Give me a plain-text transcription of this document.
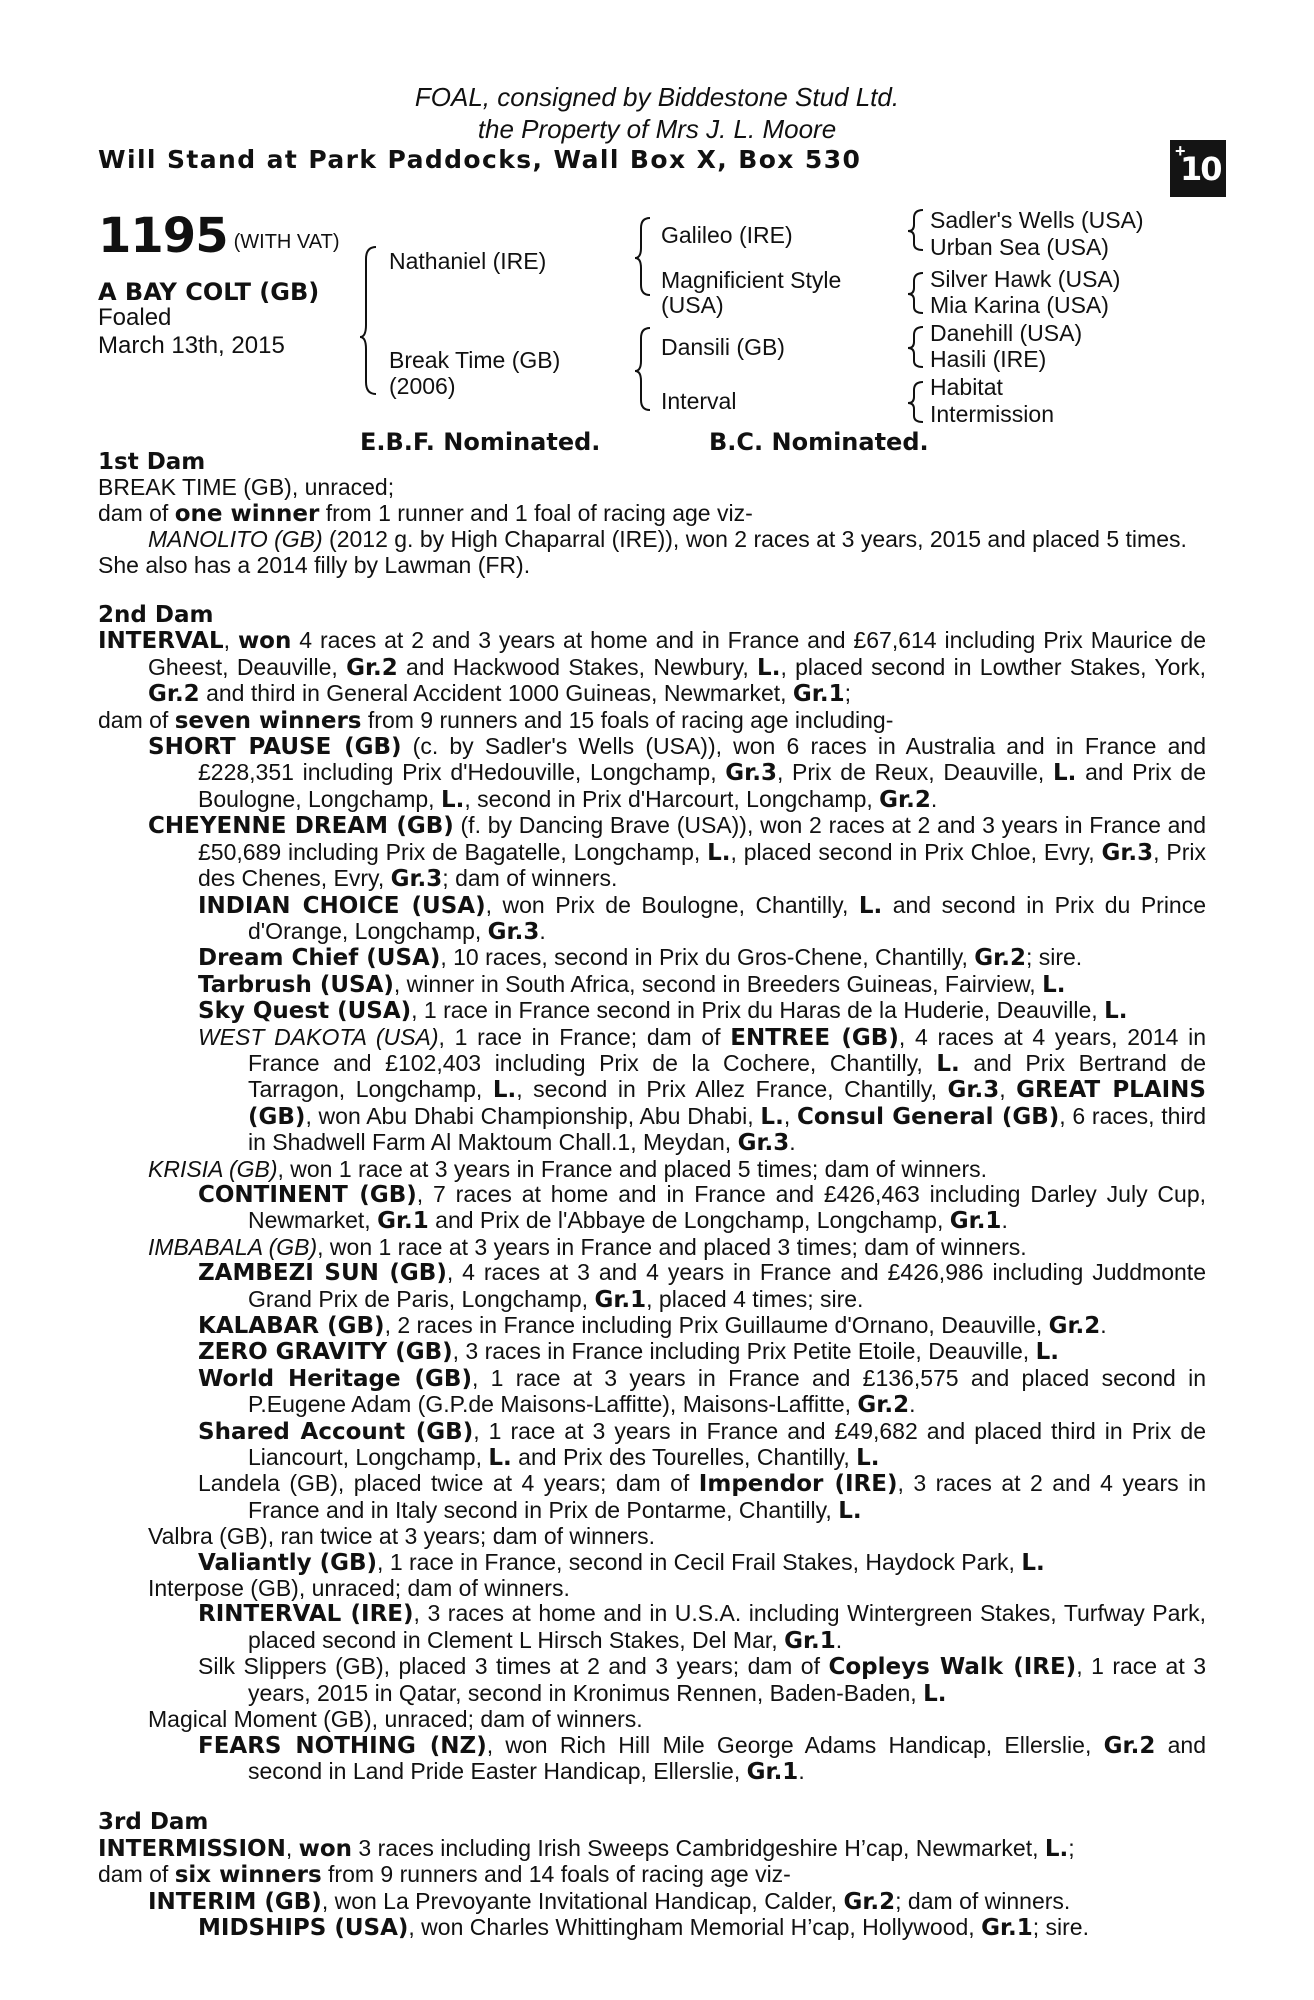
FOAL, consigned by Biddestone Stud Ltd.
the Property of Mrs J. L. Moore
Will Stand at Park Paddocks, Wall Box X, Box 530	+
10
1195 (WITH VAT)
A BAY COLT (GB)
Foaled
March 13th, 2015
Nathaniel (IRE)
Break Time (GB)
(2006)
Galileo (IRE)
Magnificient Style
(USA)
Dansili (GB)
Interval
Sadler's Wells (USA)
Urban Sea (USA)
Silver Hawk (USA)
Mia Karina (USA)
Danehill (USA)
Hasili (IRE)
Habitat
Intermission
E.B.F. Nominated.	B.C. Nominated.
1st Dam
BREAK TIME (GB), unraced;
dam of one winner from 1 runner and 1 foal of racing age viz-
MANOLITO (GB) (2012 g. by High Chaparral (IRE)), won 2 races at 3 years, 2015 and placed 5 times.
She also has a 2014 filly by Lawman (FR).
2nd Dam
INTERVAL, won 4 races at 2 and 3 years at home and in France and £67,614 including Prix Maurice de Gheest, Deauville, Gr.2 and Hackwood Stakes, Newbury, L., placed second in Lowther Stakes, York, Gr.2 and third in General Accident 1000 Guineas, Newmarket, Gr.1;
dam of seven winners from 9 runners and 15 foals of racing age including-
SHORT PAUSE (GB) (c. by Sadler's Wells (USA)), won 6 races in Australia and in France and £228,351 including Prix d'Hedouville, Longchamp, Gr.3, Prix de Reux, Deauville, L. and Prix de Boulogne, Longchamp, L., second in Prix d'Harcourt, Longchamp, Gr.2.
CHEYENNE DREAM (GB) (f. by Dancing Brave (USA)), won 2 races at 2 and 3 years in France and £50,689 including Prix de Bagatelle, Longchamp, L., placed second in Prix Chloe, Evry, Gr.3, Prix des Chenes, Evry, Gr.3; dam of winners.
INDIAN CHOICE (USA), won Prix de Boulogne, Chantilly, L. and second in Prix du Prince d'Orange, Longchamp, Gr.3.
Dream Chief (USA), 10 races, second in Prix du Gros-Chene, Chantilly, Gr.2; sire.
Tarbrush (USA), winner in South Africa, second in Breeders Guineas, Fairview, L.
Sky Quest (USA), 1 race in France second in Prix du Haras de la Huderie, Deauville, L.
WEST DAKOTA (USA), 1 race in France; dam of ENTREE (GB), 4 races at 4 years, 2014 in France and £102,403 including Prix de la Cochere, Chantilly, L. and Prix Bertrand de Tarragon, Longchamp, L., second in Prix Allez France, Chantilly, Gr.3, GREAT PLAINS (GB), won Abu Dhabi Championship, Abu Dhabi, L., Consul General (GB), 6 races, third in Shadwell Farm Al Maktoum Chall.1, Meydan, Gr.3.
KRISIA (GB), won 1 race at 3 years in France and placed 5 times; dam of winners.
CONTINENT (GB), 7 races at home and in France and £426,463 including Darley July Cup, Newmarket, Gr.1 and Prix de l'Abbaye de Longchamp, Longchamp, Gr.1.
IMBABALA (GB), won 1 race at 3 years in France and placed 3 times; dam of winners.
ZAMBEZI SUN (GB), 4 races at 3 and 4 years in France and £426,986 including Juddmonte Grand Prix de Paris, Longchamp, Gr.1, placed 4 times; sire.
KALABAR (GB), 2 races in France including Prix Guillaume d'Ornano, Deauville, Gr.2.
ZERO GRAVITY (GB), 3 races in France including Prix Petite Etoile, Deauville, L.
World Heritage (GB), 1 race at 3 years in France and £136,575 and placed second in P.Eugene Adam (G.P.de Maisons-Laffitte), Maisons-Laffitte, Gr.2.
Shared Account (GB), 1 race at 3 years in France and £49,682 and placed third in Prix de Liancourt, Longchamp, L. and Prix des Tourelles, Chantilly, L.
Landela (GB), placed twice at 4 years; dam of Impendor (IRE), 3 races at 2 and 4 years in France and in Italy second in Prix de Pontarme, Chantilly, L.
Valbra (GB), ran twice at 3 years; dam of winners.
Valiantly (GB), 1 race in France, second in Cecil Frail Stakes, Haydock Park, L.
Interpose (GB), unraced; dam of winners.
RINTERVAL (IRE), 3 races at home and in U.S.A. including Wintergreen Stakes, Turfway Park, placed second in Clement L Hirsch Stakes, Del Mar, Gr.1.
Silk Slippers (GB), placed 3 times at 2 and 3 years; dam of Copleys Walk (IRE), 1 race at 3 years, 2015 in Qatar, second in Kronimus Rennen, Baden-Baden, L.
Magical Moment (GB), unraced; dam of winners.
FEARS NOTHING (NZ), won Rich Hill Mile George Adams Handicap, Ellerslie, Gr.2 and second in Land Pride Easter Handicap, Ellerslie, Gr.1.
3rd Dam
INTERMISSION, won 3 races including Irish Sweeps Cambridgeshire H’cap, Newmarket, L.;
dam of six winners from 9 runners and 14 foals of racing age viz-
INTERIM (GB), won La Prevoyante Invitational Handicap, Calder, Gr.2; dam of winners.
MIDSHIPS (USA), won Charles Whittingham Memorial H’cap, Hollywood, Gr.1; sire.
